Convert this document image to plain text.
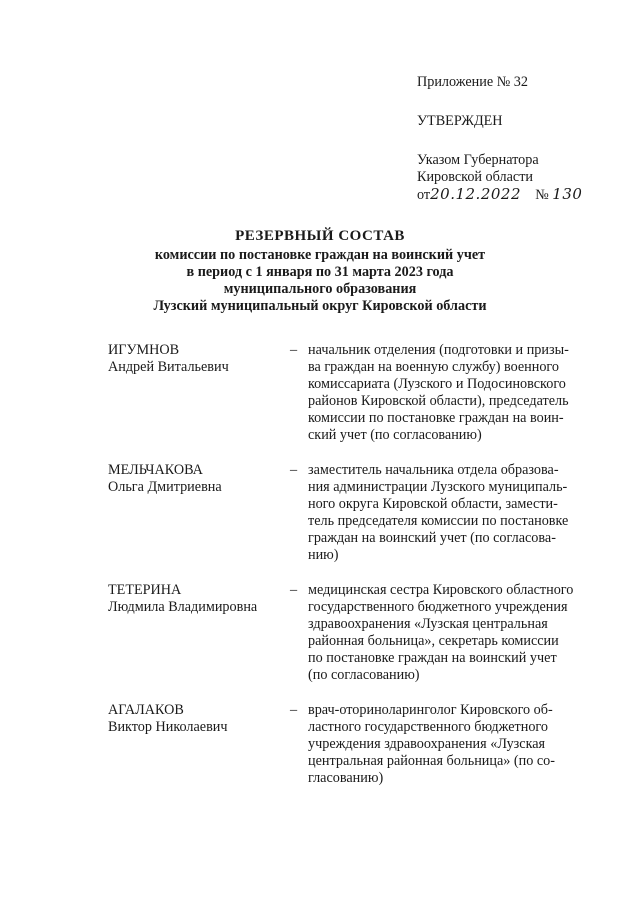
Приложение № 32
УТВЕРЖДЕН
Указом Губернатора
Кировской области
от20.12.2022 № 130
РЕЗЕРВНЫЙ СОСТАВ
комиссии по постановке граждан на воинский учет
в период с 1 января по 31 марта 2023 года
муниципального образования
Лузский муниципальный округ Кировской области
ИГУМНОВ
Андрей Витальевич
– начальник отделения (подготовки и призы-
ва граждан на военную службу) военного
комиссариата (Лузского и Подосиновского
районов Кировской области), председатель
комиссии по постановке граждан на воин-
ский учет (по согласованию)
МЕЛЬЧАКОВА
Ольга Дмитриевна
– заместитель начальника отдела образова-
ния администрации Лузского муниципаль-
ного округа Кировской области, замести-
тель председателя комиссии по постановке
граждан на воинский учет (по согласова-
нию)
ТЕТЕРИНА
Людмила Владимировна
– медицинская сестра Кировского областного
государственного бюджетного учреждения
здравоохранения «Лузская центральная
районная больница», секретарь комиссии
по постановке граждан на воинский учет
(по согласованию)
АГАЛАКОВ
Виктор Николаевич
– врач-оториноларинголог Кировского об-
ластного государственного бюджетного
учреждения здравоохранения «Лузская
центральная районная больница» (по со-
гласованию)
